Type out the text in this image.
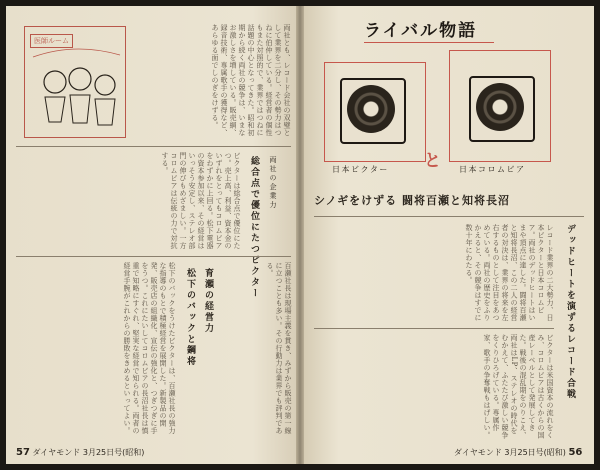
医師ルーム	両社とも、レコード会社の双璧として業界を二分し、その勢力はつねに伯仲している。経営者の個性もまた対照的で、業界ではつねに話題の中心となってきた。昭和初期から続く両社の競争は、いまなお激しさを増している。販売網、録音技術、専属歌手の獲得など、あらゆる面でしのぎをけずる。
ビクターは総合点で優位にたつ。売上高、利益、資本金のいずれをとってもコロムビアをわずかに上回る。松下電器の資本参加以来、その経営はいっそう安定し、ステレオ部門の伸びもめざましい。一方コロムビアは伝統の力で対抗する。	総合点で優位にたつビクター 両社の企業力
松下のバックをうけたビクターは、百瀬社長の強力な指導のもとで積極経営を展開した。新製品の開発、販売店の組織化、宣伝の強化と、つぎつぎに手をうつ。これにたいしてコロムビアの長沼社長は慎重で知略にすぐれ、堅実な経営で知られる。両者の経営手腕がこれからの勝敗をきめるといってよい。	松下のバックと鋼将 育瀬の経営力	百瀬社長は現場主義を貫き、みずから販売の第一線に立つことも多い。その行動力は業界でも評判である。
57 ダイヤモンド 3月25日号(昭和)
ライバル物語
日本ビクター と 日本コロムビア
シノギをけずる 闘将百瀬と知将長沼
レコード業界の二大勢力、日本ビクターと日本コロムビア。両社のデッドヒートはいまや頂点に達した。闘将百瀬と知将長沼、この二人の経営者の対決は、業界の将来を左右するものとして注目をあつめている。両社の歴史をふりかえると、その競争はすでに数十年にわたる。	デッドヒートを演ずるレコード合戦
ビクターは米国資本の流れをくみ、コロムビアは古くからの国産レーベルとして発展してきた。戦後の混乱期をのりこえ、両社はLP、ステレオの時代をむかえて、ふたたび激しい競争をくりひろげている。専属作家、歌手の争奪戦もはげしい。
ダイヤモンド 3月25日号(昭和) 56
